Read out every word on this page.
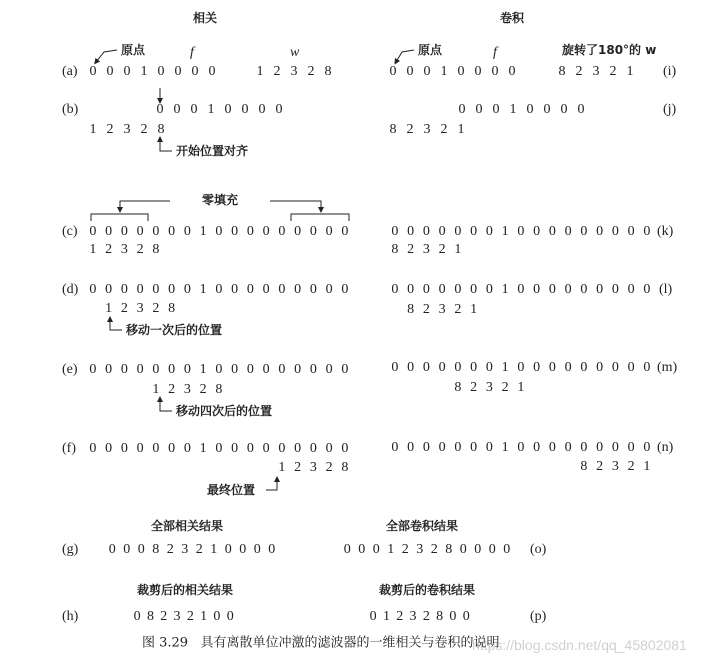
相关	卷积
原点	f	w
(a) 0 0 0 1 0 0 0 0	1 2 3 2 8
(b)	0 0 0 1 0 0 0 0
1 2 3 2 8
开始位置对齐
原点	f	旋转了180°的 w
0 0 0 1 0 0 0 0	8 2 3 2 1	(i)
0 0 0 1 0 0 0 0
8 2 3 2 1
(j)
零填充
(c) 0 0 0 0 0 0 0 1 0 0 0 0 0 0 0 0 0
1 2 3 2 8
(d) 0 0 0 0 0 0 0 1 0 0 0 0 0 0 0 0 0
1 2 3 2 8
移动一次后的位置
(e) 0 0 0 0 0 0 0 1 0 0 0 0 0 0 0 0 0
1 2 3 2 8
移动四次后的位置
(f) 0 0 0 0 0 0 0 1 0 0 0 0 0 0 0 0 0
1 2 3 2 8
最终位置
0 0 0 0 0 0 0 1 0 0 0 0 0 0 0 0 0
8 2 3 2 1
(k)
0 0 0 0 0 0 0 1 0 0 0 0 0 0 0 0 0
8 2 3 2 1
(l)
0 0 0 0 0 0 0 1 0 0 0 0 0 0 0 0 0
8 2 3 2 1
(m)
0 0 0 0 0 0 0 1 0 0 0 0 0 0 0 0 0
8 2 3 2 1
(n)
全部相关结果	全部卷积结果
(g) 0 0 0 8 2 3 2 1 0 0 0 0	0 0 0 1 2 3 2 8 0 0 0 0 (o)
裁剪后的相关结果	裁剪后的卷积结果
(h)	0 8 2 3 2 1 0 0	0 1 2 3 2 8 0 0	(p)
图 3.29   具有离散单位冲激的滤波器的一维相关与卷积的说明
https://blog.csdn.net/qq_45802081
